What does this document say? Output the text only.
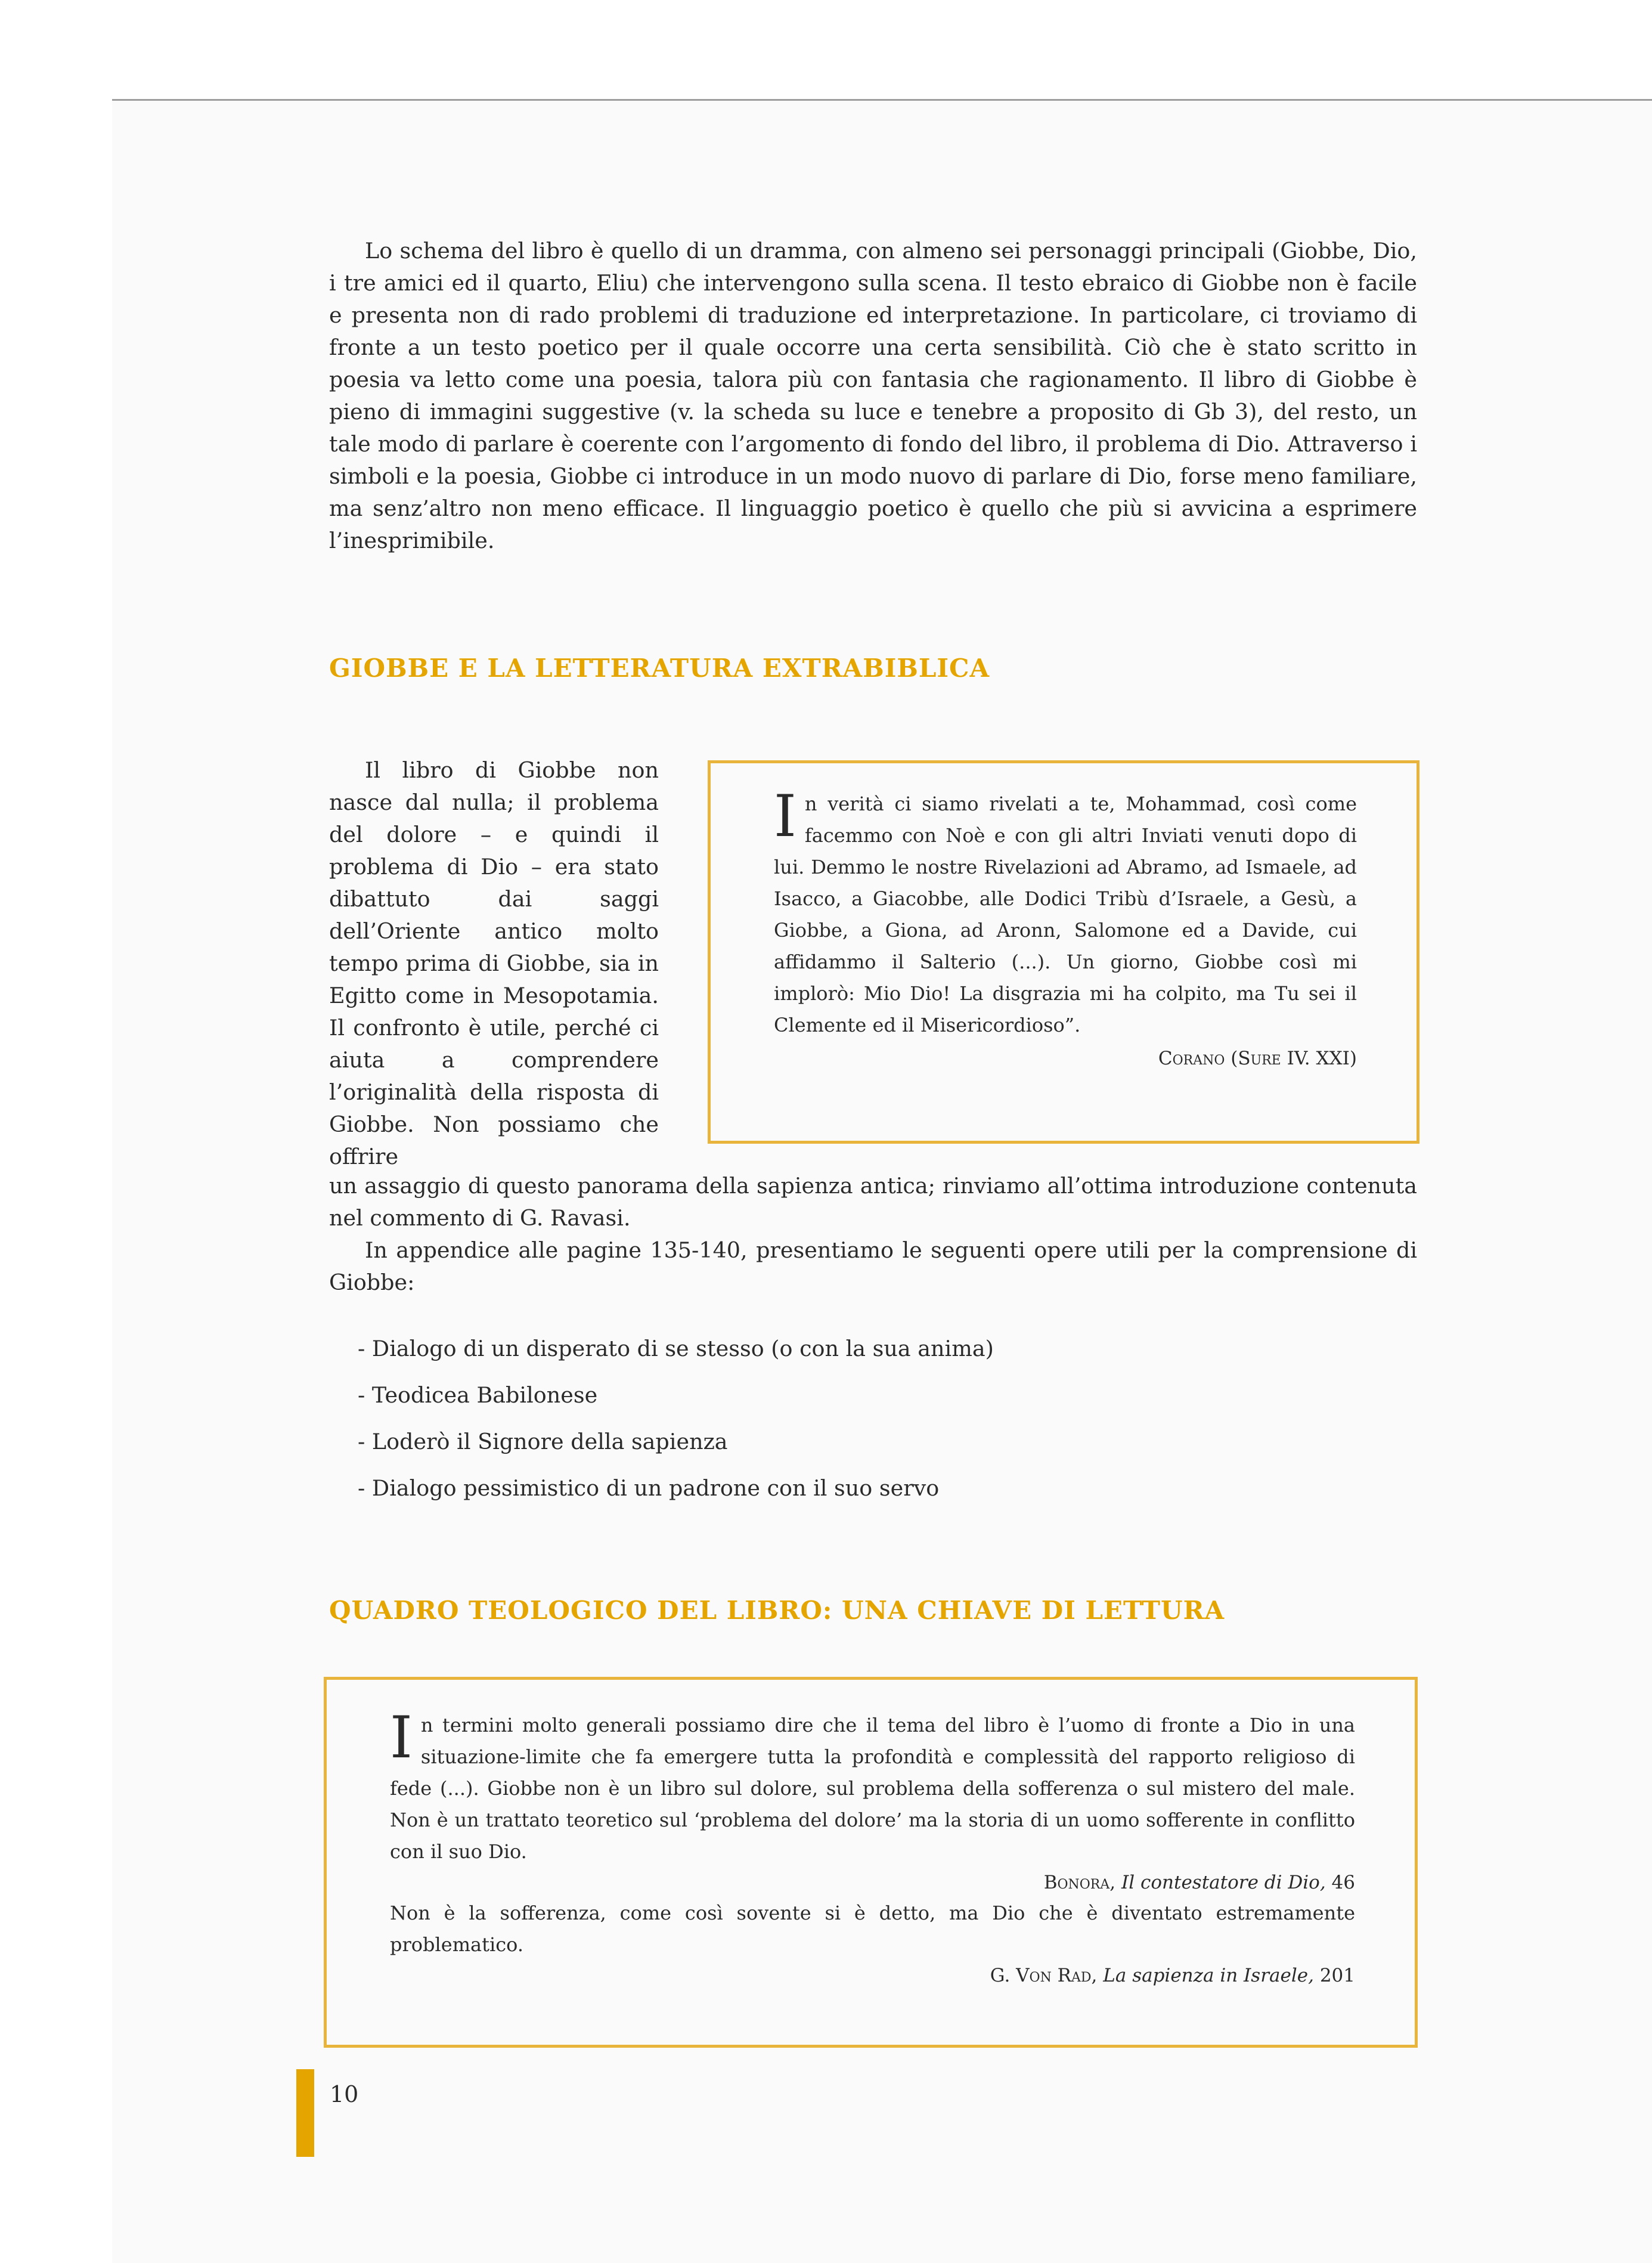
Lo schema del libro è quello di un dramma, con almeno sei personaggi principali (Giobbe, Dio, i tre amici ed il quarto, Eliu) che intervengono sulla scena. Il testo ebraico di Giobbe non è facile e presenta non di rado problemi di traduzione ed interpretazione. In particolare, ci troviamo di fronte a un testo poetico per il quale occorre una certa sensibilità. Ciò che è stato scritto in poesia va letto come una poesia, talora più con fantasia che ragionamento. Il libro di Giobbe è pieno di immagini suggestive (v. la scheda su luce e tenebre a proposito di Gb 3), del resto, un tale modo di parlare è coerente con l’argomento di fondo del libro, il problema di Dio. Attraverso i simboli e la poesia, Giobbe ci introduce in un modo nuovo di parlare di Dio, forse meno familiare, ma senz’altro non meno efficace. Il linguaggio poetico è quello che più si avvicina a esprimere l’inesprimibile.

GIOBBE E LA LETTERATURA EXTRABIBLICA

Il libro di Giobbe non nasce dal nulla; il problema del dolore – e quindi il problema di Dio – era stato dibattuto dai saggi dell’Oriente antico molto tempo prima di Giobbe, sia in Egitto come in Mesopotamia. Il confronto è utile, perché ci aiuta a comprendere l’originalità della risposta di Giobbe. Non possiamo che offrire

In verità ci siamo rivelati a te, Mohammad, così come facemmo con Noè e con gli altri Inviati venuti dopo di lui. Demmo le nostre Rivelazioni ad Abramo, ad Ismaele, ad Isacco, a Giacobbe, alle Dodici Tribù d’Israele, a Gesù, a Giobbe, a Giona, ad Aronn, Salomone ed a Davide, cui affidammo il Salterio (...). Un giorno, Giobbe così mi implorò: Mio Dio! La disgrazia mi ha colpito, ma Tu sei il Clemente ed il Misericordioso”.

Corano (Sure IV. XXI)

un assaggio di questo panorama della sapienza antica; rinviamo all’ottima introduzione contenuta nel commento di G. Ravasi.

In appendice alle pagine 135-140, presentiamo le seguenti opere utili per la comprensione di Giobbe:

- Dialogo di un disperato di se stesso (o con la sua anima)
- Teodicea Babilonese
- Loderò il Signore della sapienza
- Dialogo pessimistico di un padrone con il suo servo
QUADRO TEOLOGICO DEL LIBRO: UNA CHIAVE DI LETTURA

In termini molto generali possiamo dire che il tema del libro è l’uomo di fronte a Dio in una situazione-limite che fa emergere tutta la profondità e complessità del rapporto religioso di fede (...). Giobbe non è un libro sul dolore, sul problema della sofferenza o sul mistero del male. Non è un trattato teoretico sul ‘problema del dolore’ ma la storia di un uomo sofferente in conflitto con il suo Dio.

Bonora, Il contestatore di Dio, 46

Non è la sofferenza, come così sovente si è detto, ma Dio che è diventato estremamente problematico.

G. Von Rad, La sapienza in Israele, 201
10
